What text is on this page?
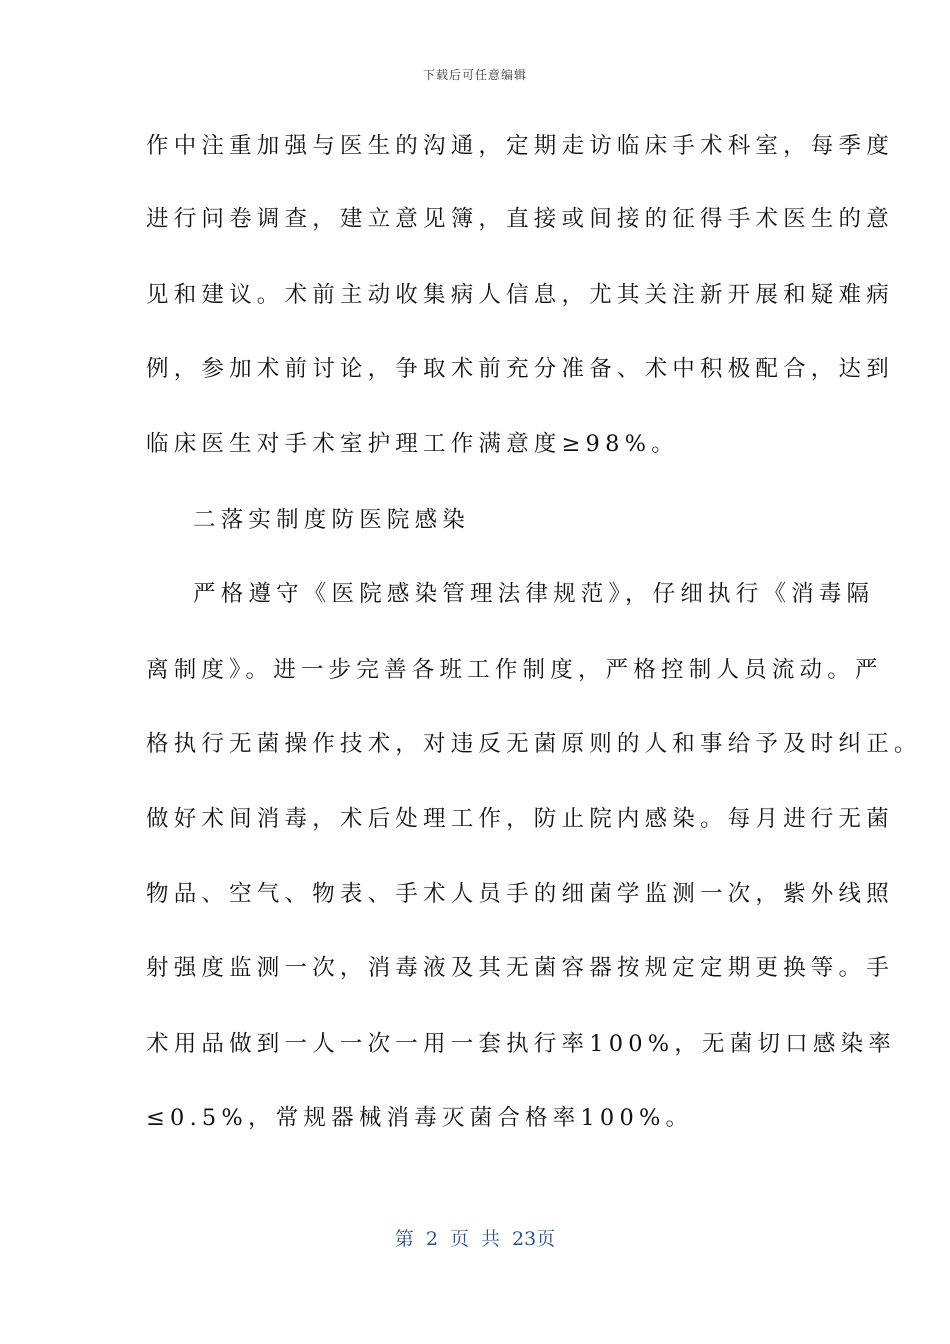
下载后可任意编辑
作中注重加强与医生的沟通，定期走访临床手术科室，每季度
进行问卷调查，建立意见簿，直接或间接的征得手术医生的意
见和建议。术前主动收集病人信息，尤其关注新开展和疑难病
例，参加术前讨论，争取术前充分准备、术中积极配合，达到
临床医生对手术室护理工作满意度≥98%。
二落实制度防医院感染
严格遵守《医院感染管理法律规范》，仔细执行《消毒隔
离制度》。进一步完善各班工作制度，严格控制人员流动。严
格执行无菌操作技术，对违反无菌原则的人和事给予及时纠正。
做好术间消毒，术后处理工作，防止院内感染。每月进行无菌
物品、空气、物表、手术人员手的细菌学监测一次，紫外线照
射强度监测一次，消毒液及其无菌容器按规定定期更换等。手
术用品做到一人一次一用一套执行率100%，无菌切口感染率
≤0.5%，常规器械消毒灭菌合格率100%。
第 2 页 共 23页
